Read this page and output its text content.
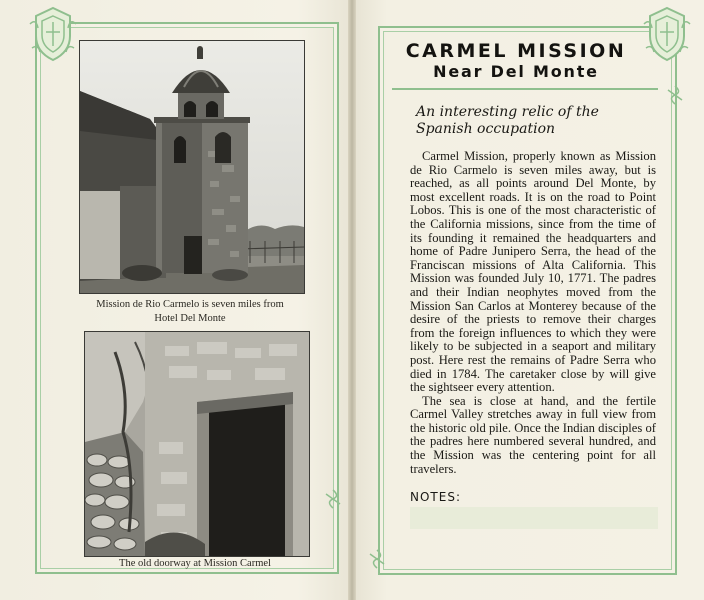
Mission de Rio Carmelo is seven miles from Hotel Del Monte
The old doorway at Mission Carmel
CARMEL MISSION
Near Del Monte
An interesting relic of the Spanish occupation

Carmel Mission, properly known as Mission de Rio Carmelo is seven miles away, but is reached, as all points around Del Monte, by most excellent roads. It is on the road to Point Lobos. This is one of the most characteristic of the California missions, since from the time of its founding it remained the headquarters and home of Padre Junipero Serra, the head of the Franciscan missions of Alta California. This Mission was founded July 10, 1771. The padres and their Indian neophytes moved from the Mission San Carlos at Monterey because of the desire of the priests to remove their charges from the foreign influences to which they were likely to be subjected in a seaport and military post. Here rest the remains of Padre Serra who died in 1784. The caretaker close by will give the sightseer every attention.

The sea is close at hand, and the fertile Carmel Valley stretches away in full view from the historic old pile. Once the Indian disciples of the padres here numbered several hundred, and the Mission was the centering point for all travelers.

NOTES:
